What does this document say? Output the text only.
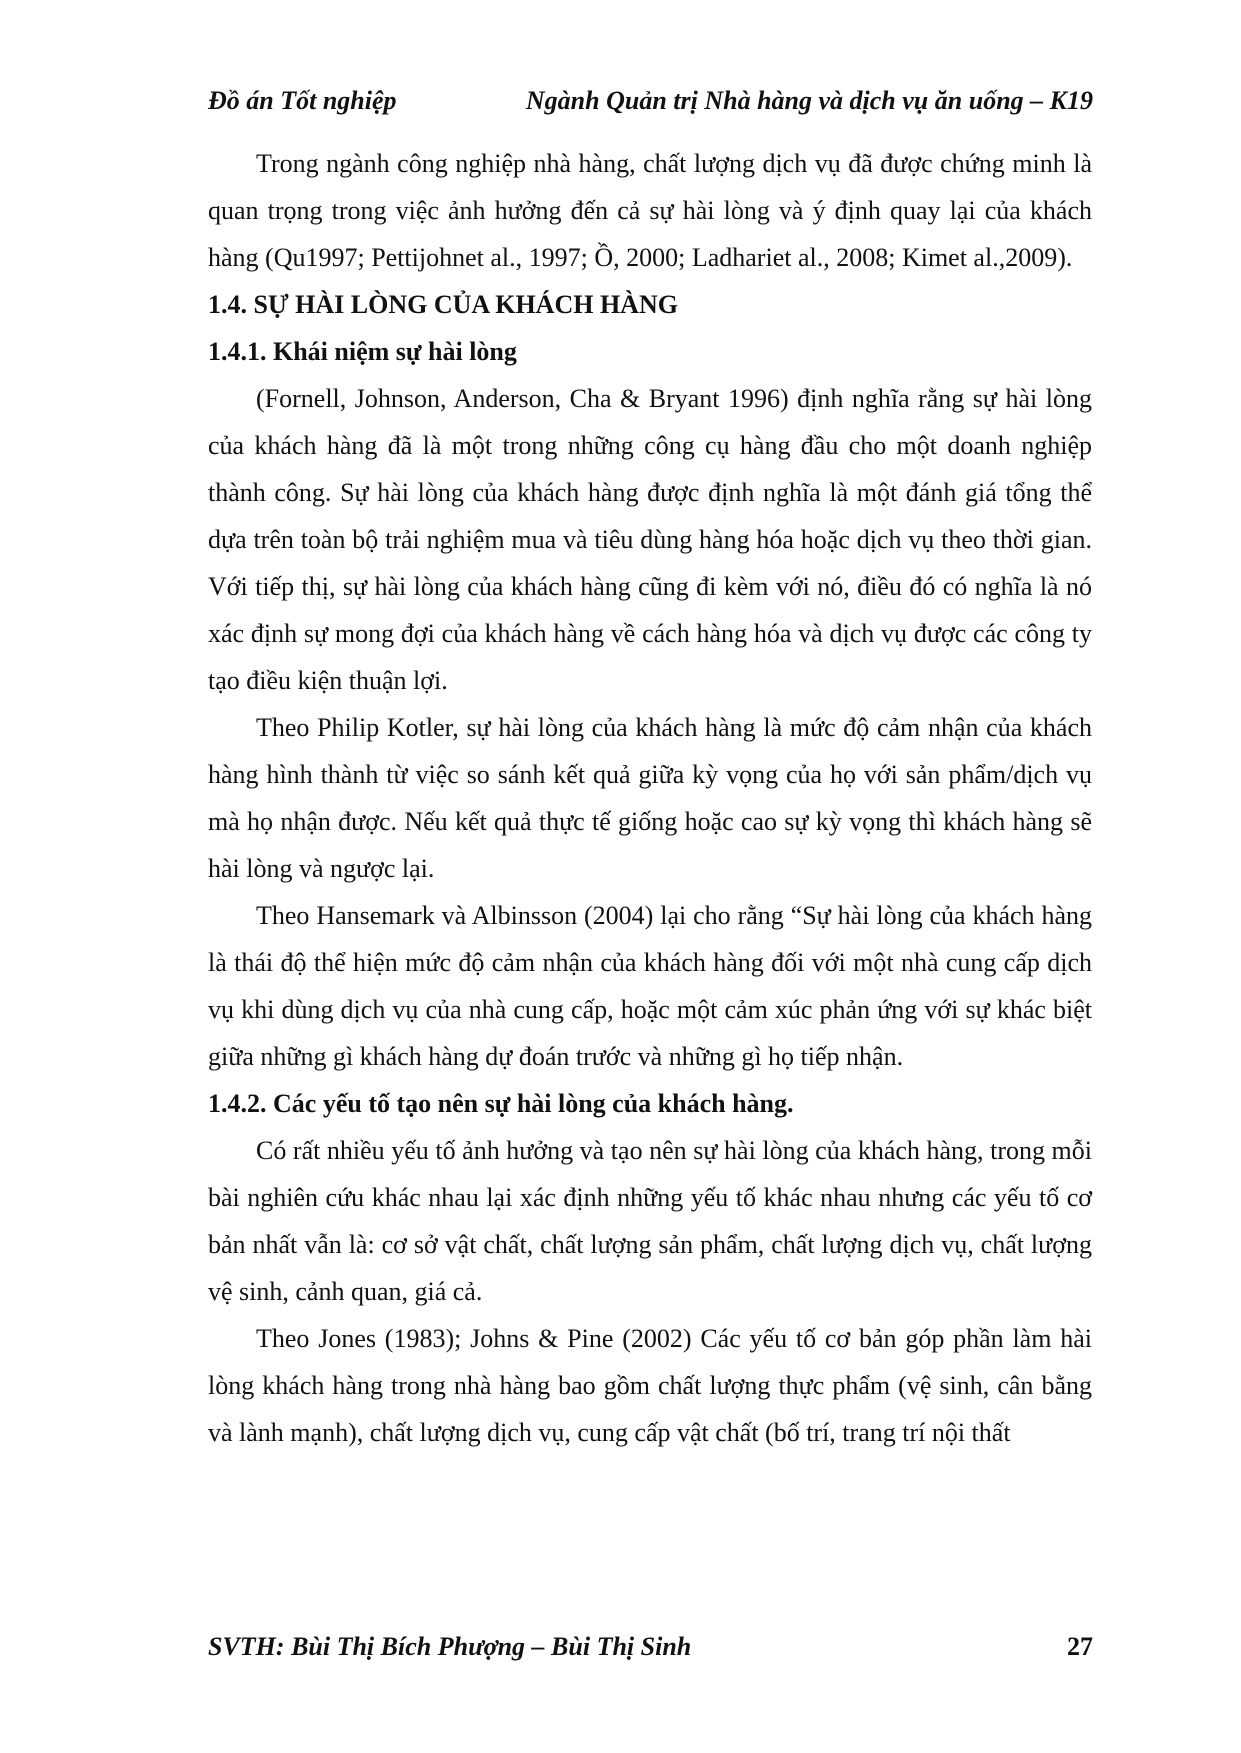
Đồ án Tốt nghiệp	Ngành Quản trị Nhà hàng và dịch vụ ăn uống – K19

Trong ngành công nghiệp nhà hàng, chất lượng dịch vụ đã được chứng minh là quan trọng trong việc ảnh hưởng đến cả sự hài lòng và ý định quay lại của khách hàng (Qu1997; Pettijohnet al., 1997; Ồ, 2000; Ladhariet al., 2008; Kimet al.,2009).

1.4. SỰ HÀI LÒNG CỦA KHÁCH HÀNG
1.4.1. Khái niệm sự hài lòng

(Fornell, Johnson, Anderson, Cha & Bryant 1996) định nghĩa rằng sự hài lòng của khách hàng đã là một trong những công cụ hàng đầu cho một doanh nghiệp thành công. Sự hài lòng của khách hàng được định nghĩa là một đánh giá tổng thể dựa trên toàn bộ trải nghiệm mua và tiêu dùng hàng hóa hoặc dịch vụ theo thời gian. Với tiếp thị, sự hài lòng của khách hàng cũng đi kèm với nó, điều đó có nghĩa là nó xác định sự mong đợi của khách hàng về cách hàng hóa và dịch vụ được các công ty tạo điều kiện thuận lợi.

Theo Philip Kotler, sự hài lòng của khách hàng là mức độ cảm nhận của khách hàng hình thành từ việc so sánh kết quả giữa kỳ vọng của họ với sản phẩm/dịch vụ mà họ nhận được. Nếu kết quả thực tế giống hoặc cao sự kỳ vọng thì khách hàng sẽ hài lòng và ngược lại.

Theo Hansemark và Albinsson (2004) lại cho rằng “Sự hài lòng của khách hàng là thái độ thể hiện mức độ cảm nhận của khách hàng đối với một nhà cung cấp dịch vụ khi dùng dịch vụ của nhà cung cấp, hoặc một cảm xúc phản ứng với sự khác biệt giữa những gì khách hàng dự đoán trước và những gì họ tiếp nhận.

1.4.2. Các yếu tố tạo nên sự hài lòng của khách hàng.

Có rất nhiều yếu tố ảnh hưởng và tạo nên sự hài lòng của khách hàng, trong mỗi bài nghiên cứu khác nhau lại xác định những yếu tố khác nhau nhưng các yếu tố cơ bản nhất vẫn là: cơ sở vật chất, chất lượng sản phẩm, chất lượng dịch vụ, chất lượng vệ sinh, cảnh quan, giá cả.

Theo Jones (1983); Johns & Pine (2002) Các yếu tố cơ bản góp phần làm hài lòng khách hàng trong nhà hàng bao gồm chất lượng thực phẩm (vệ sinh, cân bằng và lành mạnh), chất lượng dịch vụ, cung cấp vật chất (bố trí, trang trí nội thất

SVTH: Bùi Thị Bích Phượng – Bùi Thị Sinh	27
